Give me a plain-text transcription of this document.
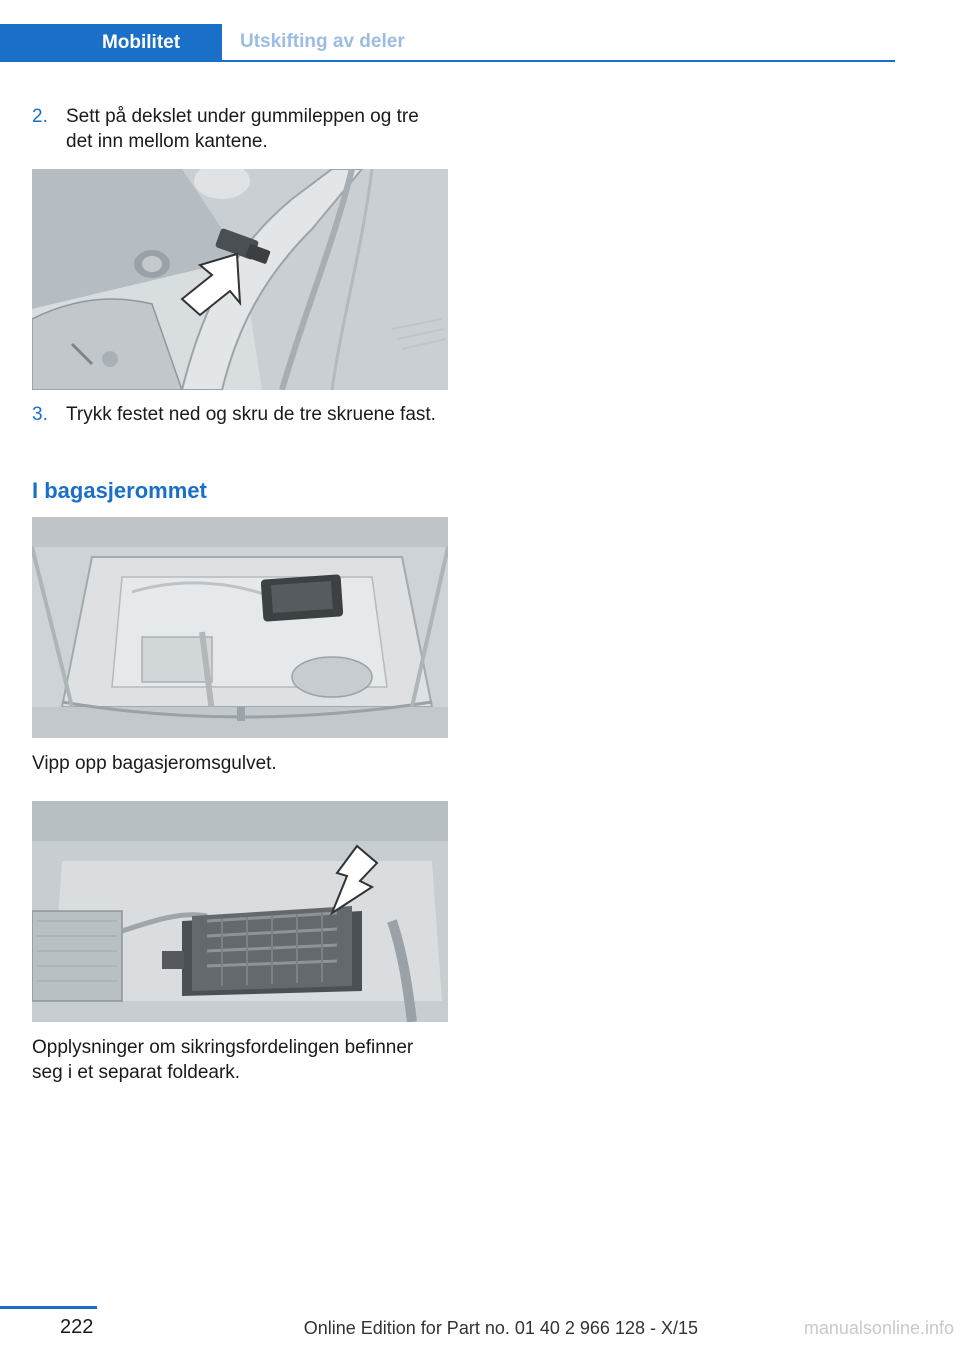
Mobilitet	Utskifting av deler
2. Sett på dekslet under gummileppen og tre det inn mellom kantene.
3. Trykk festet ned og skru de tre skruene fast.
I bagasjerommet
Vipp opp bagasjeromsgulvet.
Opplysninger om sikringsfordelingen befinner seg i et separat foldeark.
222	Online Edition for Part no. 01 40 2 966 128 - X/15	manualsonline.info
